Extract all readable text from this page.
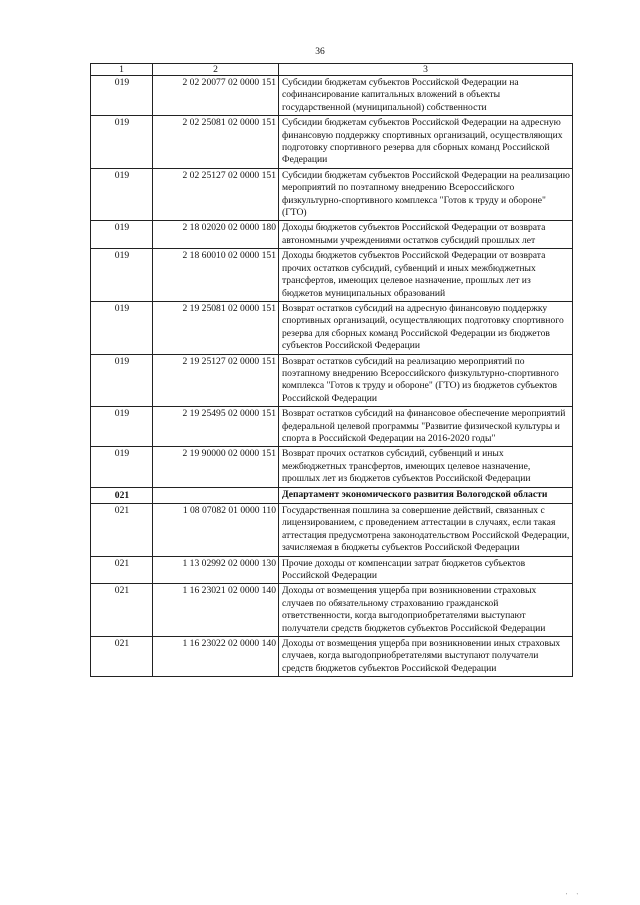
36
1	2	3
019	2 02 20077 02 0000 151	Субсидии бюджетам субъектов Российской Федерации на софинансирование капитальных вложений в объекты государственной (муниципальной) собственности
019	2 02 25081 02 0000 151	Субсидии бюджетам субъектов Российской Федерации на адресную финансовую поддержку спортивных организаций, осуществляющих подготовку спортивного резерва для сборных команд Российской Федерации
019	2 02 25127 02 0000 151	Субсидии бюджетам субъектов Российской Федерации на реализацию мероприятий по поэтапному внедрению Всероссийского физкультурно-спортивного комплекса "Готов к труду и обороне" (ГТО)
019	2 18 02020 02 0000 180	Доходы бюджетов субъектов Российской Федерации от возврата автономными учреждениями остатков субсидий прошлых лет
019	2 18 60010 02 0000 151	Доходы бюджетов субъектов Российской Федерации от возврата прочих остатков субсидий, субвенций и иных межбюджетных трансфертов, имеющих целевое назначение, прошлых лет из бюджетов муниципальных образований
019	2 19 25081 02 0000 151	Возврат остатков субсидий на адресную финансовую поддержку спортивных организаций, осуществляющих подготовку спортивного резерва для сборных команд Российской Федерации из бюджетов субъектов Российской Федерации
019	2 19 25127 02 0000 151	Возврат остатков субсидий на реализацию мероприятий по поэтапному внедрению Всероссийского физкультурно-спортивного комплекса "Готов к труду и обороне" (ГТО) из бюджетов субъектов Российской Федерации
019	2 19 25495 02 0000 151	Возврат остатков субсидий на финансовое обеспечение мероприятий федеральной целевой программы "Развитие физической культуры и спорта в Российской Федерации на 2016-2020 годы"
019	2 19 90000 02 0000 151	Возврат прочих остатков субсидий, субвенций и иных межбюджетных трансфертов, имеющих целевое назначение, прошлых лет из бюджетов субъектов Российской Федерации
021		Департамент экономического развития Вологодской области
021	1 08 07082 01 0000 110	Государственная пошлина за совершение действий, связанных с лицензированием, с проведением аттестации в случаях, если такая аттестация предусмотрена законодательством Российской Федерации, зачисляемая в бюджеты субъектов Российской Федерации
021	1 13 02992 02 0000 130	Прочие доходы от компенсации затрат бюджетов субъектов Российской Федерации
021	1 16 23021 02 0000 140	Доходы от возмещения ущерба при возникновении страховых случаев по обязательному страхованию гражданской ответственности, когда выгодоприобретателями выступают получатели средств бюджетов субъектов Российской Федерации
021	1 16 23022 02 0000 140	Доходы от возмещения ущерба при возникновении иных страховых случаев, когда выгодоприобретателями выступают получатели средств бюджетов субъектов Российской Федерации
' '
